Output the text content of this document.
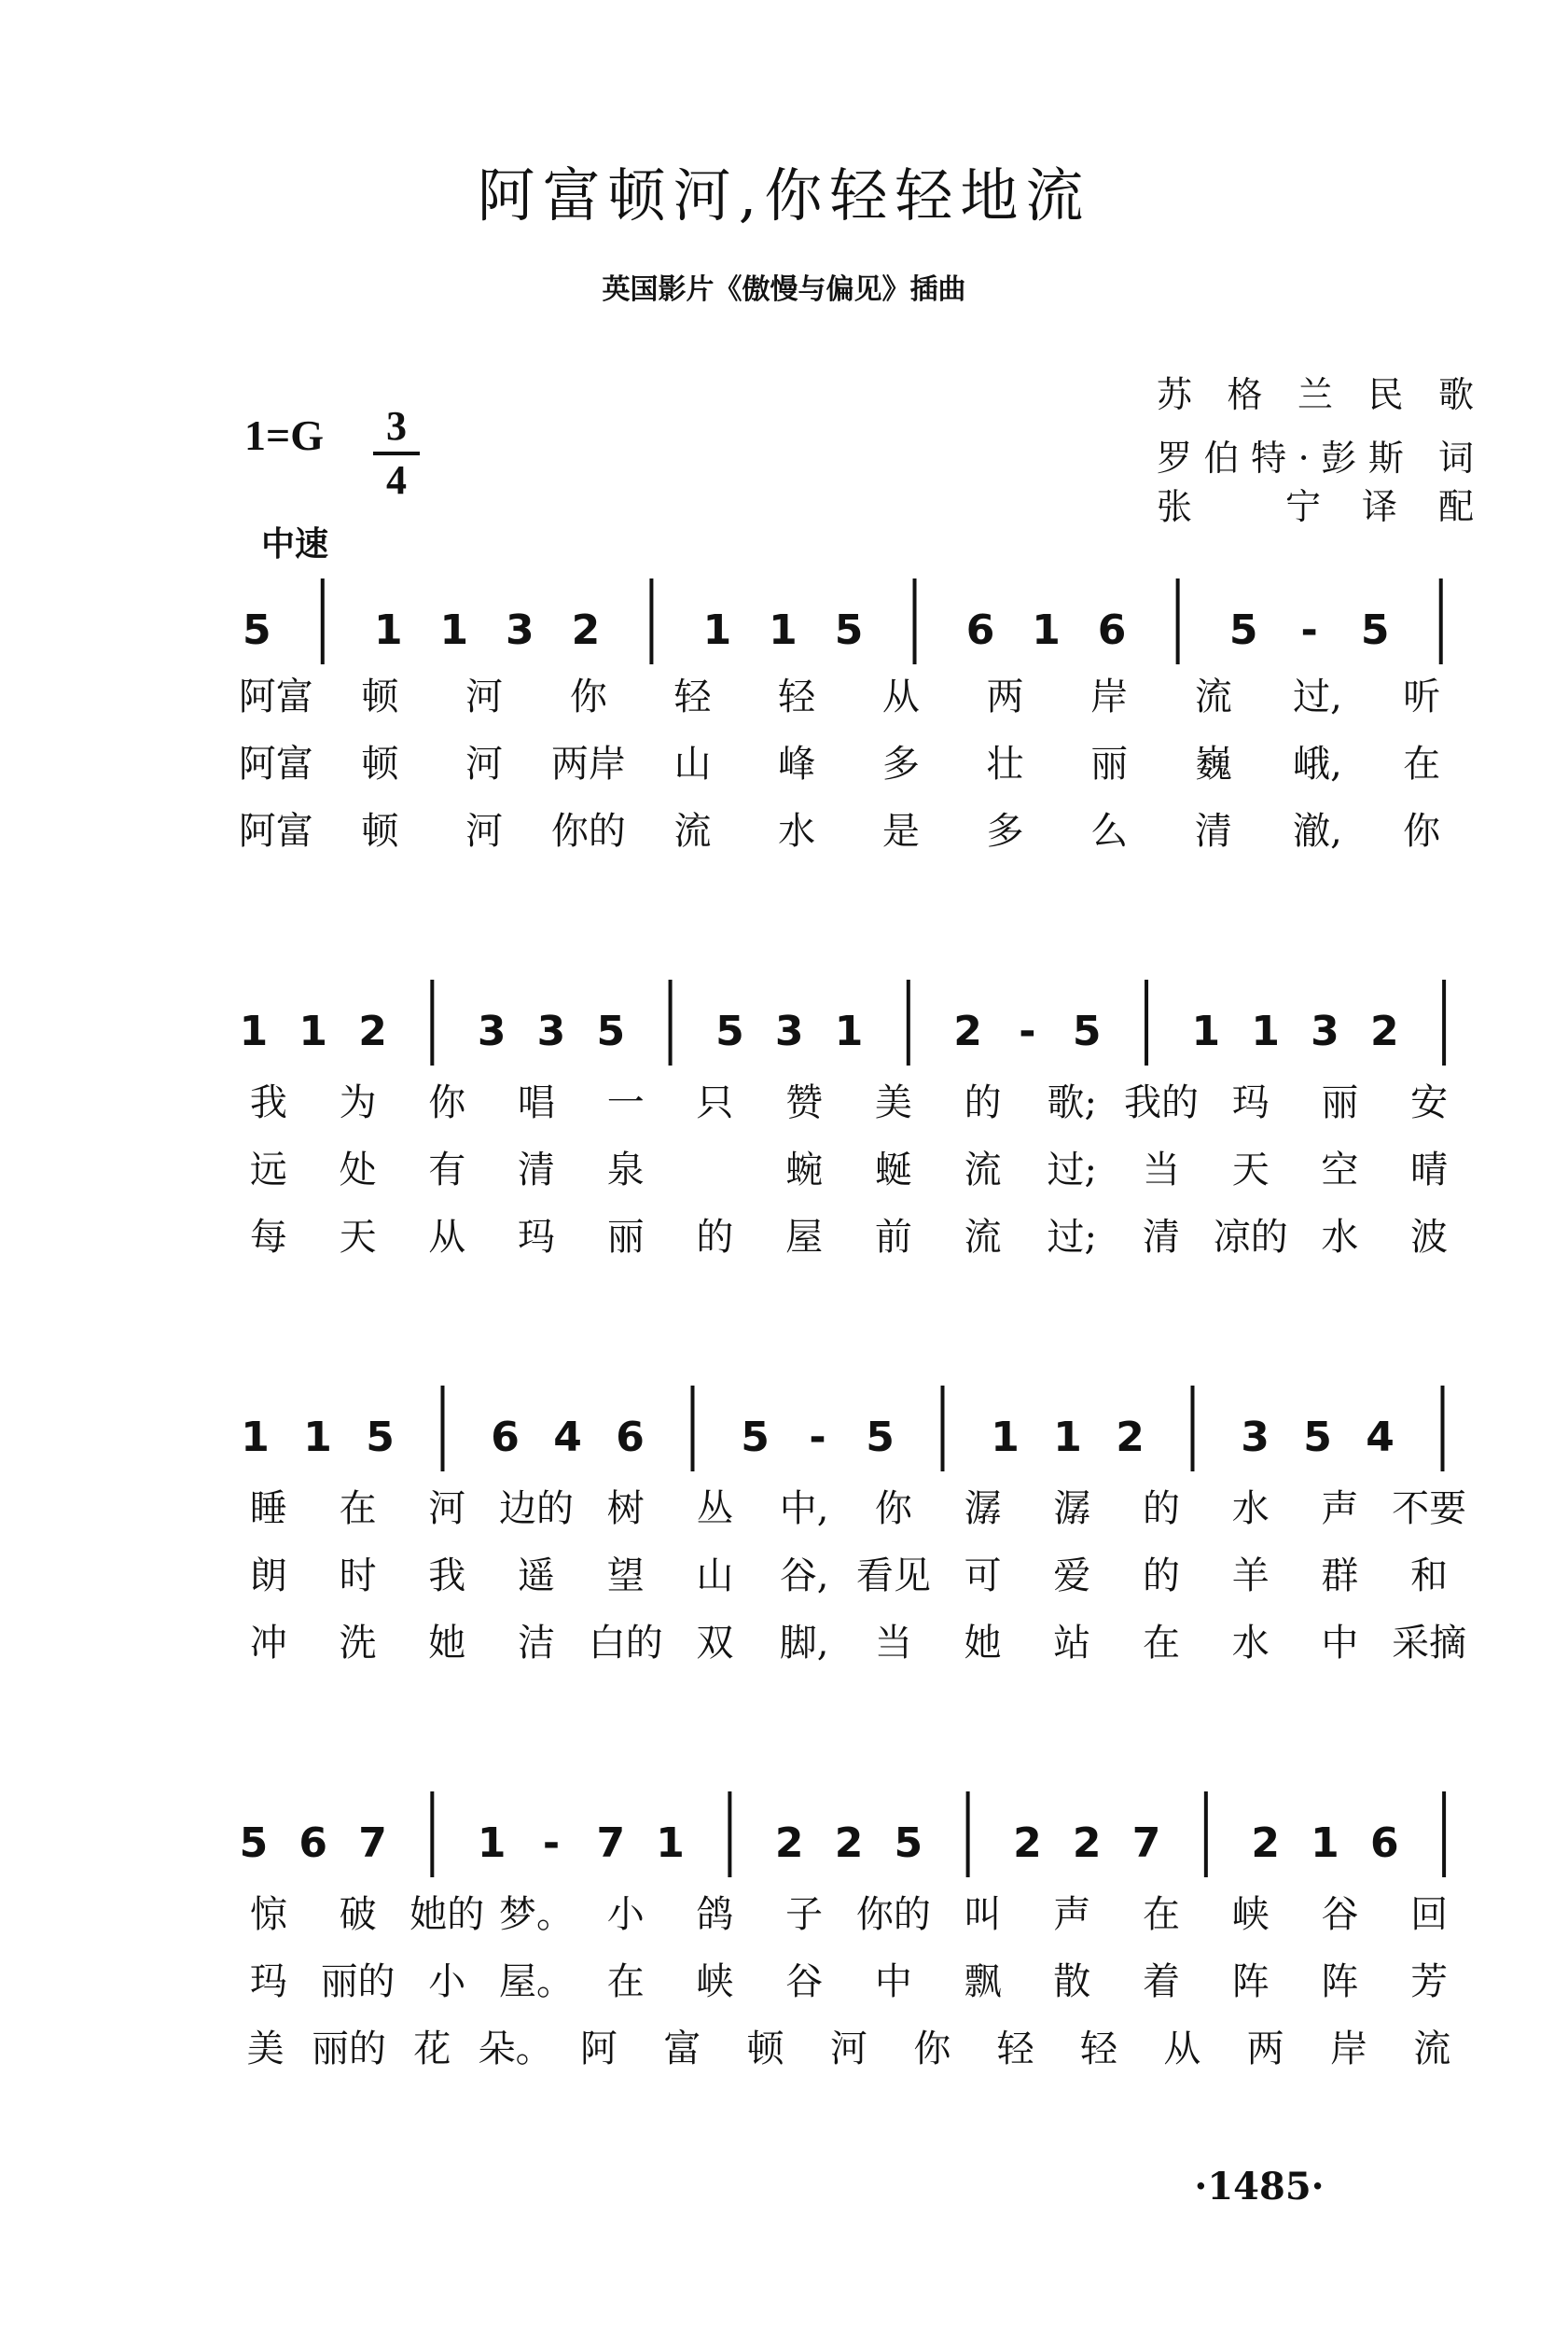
阿富顿河,你轻轻地流
英国影片《傲慢与偏见》插曲
苏格兰民歌
罗伯特·彭斯 词
张 宁译配
$1=G \frac{3}{4}$
中速
5	1 1 3 2	1 1 5	6 1 6	5 - 5
阿富 顿 河 你 轻 轻 从 两 岸 流 过, 听
阿富 顿 河 两岸 山 峰 多 壮 丽 巍 峨, 在
阿富 顿 河 你的 流 水 是 多 么 清 澈, 你
1 1 2 3 3 5 5 3 1 2 - 5 1 1 3 2
我 为 你 唱 一 只 赞 美 的 歌; 我的 玛 丽 安
远 处 有 清 泉	蜿 蜒 流 过; 当 天 空 晴
每 天 从 玛 丽 的 屋 前 流 过; 清 凉的 水 波
1 1 5 6 4 6 5 - 5 1 1 2 3 5 4
睡 在 河 边的 树 丛 中, 你 潺 潺 的 水 声 不要
朗 时 我 遥 望 山 谷, 看见 可 爱 的 羊 群 和
冲 洗 她 洁 白的 双 脚, 当 她 站 在 水 中 采摘
5 6 7 1 - 7 1 2 2 5 2 2 7 2 1 6
惊 破 她的 梦。 小 鸽 子 你的 叫 声 在 峡 谷 回
玛 丽的 小 屋。 在 峡 谷 中 飘 散 着 阵 阵 芳
美 丽的 花 朵。 阿 富 顿 河 你 轻 轻 从 两 岸 流
·1485·
